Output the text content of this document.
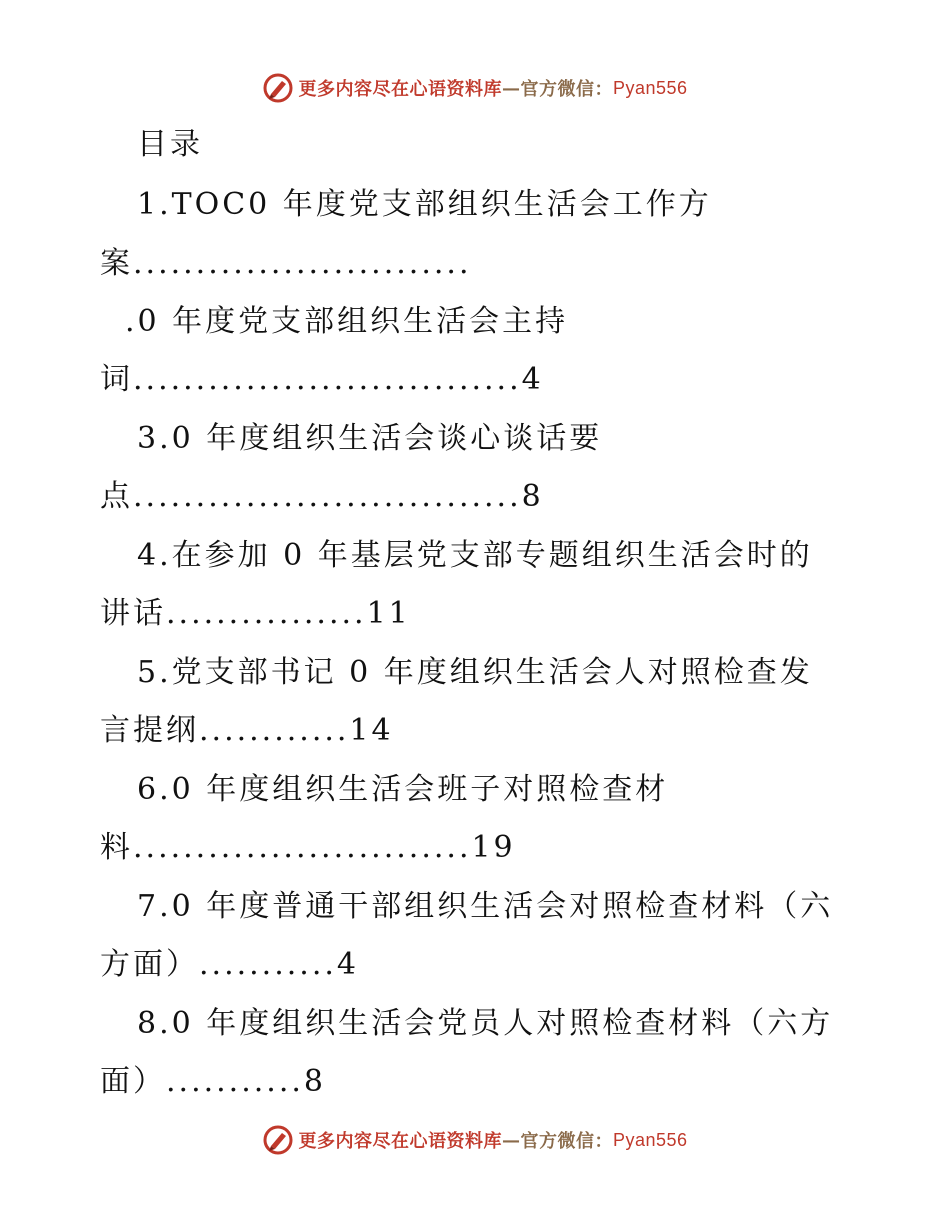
更多内容尽在心语资料库 — 官方微信： Pyan556
目录
1.TOC0 年度党支部组织生活会工作方
案...........................
.0 年度党支部组织生活会主持
词...............................4
3.0 年度组织生活会谈心谈话要
点...............................8
4.在参加 0 年基层党支部专题组织生活会时的
讲话................11
5.党支部书记 0 年度组织生活会人对照检查发
言提纲............14
6.0 年度组织生活会班子对照检查材
料...........................19
7.0 年度普通干部组织生活会对照检查材料（六
方面）...........4
8.0 年度组织生活会党员人对照检查材料（六方
面）...........8
更多内容尽在心语资料库 — 官方微信： Pyan556
